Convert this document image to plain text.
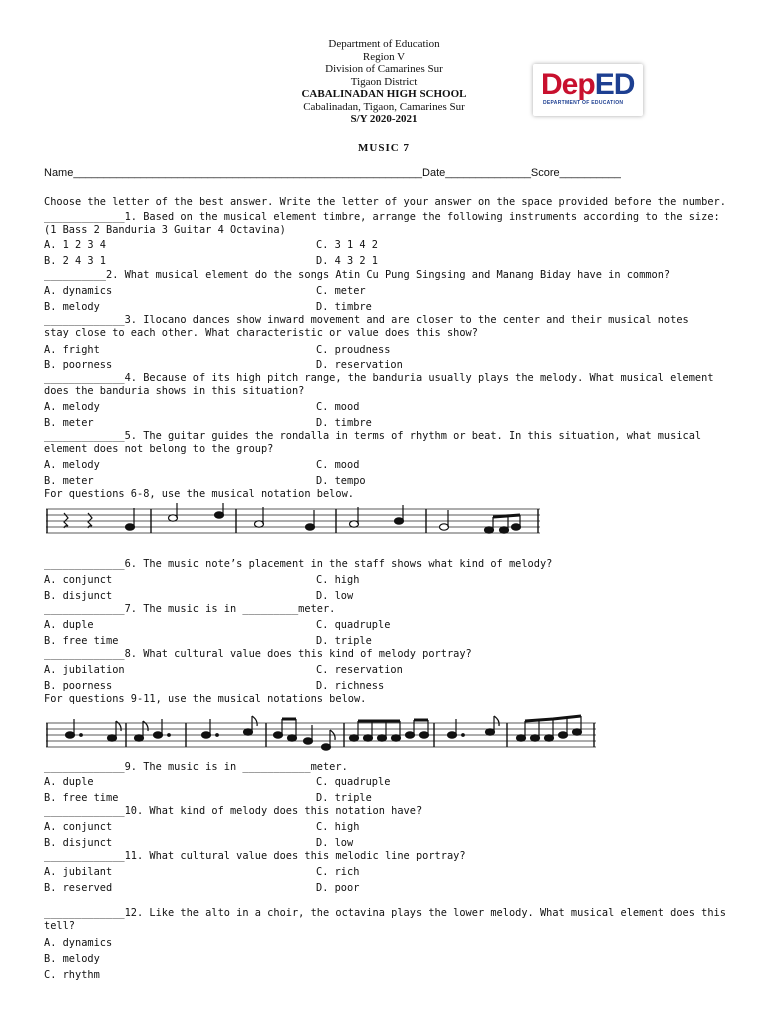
Department of Education
Region V
Division of Camarines Sur
Tigaon District
CABALINADAN HIGH SCHOOL
Cabalinadan, Tigaon, Camarines Sur
S/Y 2020-2021
DepED
DEPARTMENT OF EDUCATION
MUSIC 7
Name_________________________________________________________Date______________Score__________
Choose the letter of the best answer. Write the letter of your answer on the space provided before the number.
_____________1. Based on the musical element timbre, arrange the following instruments according to the size:
(1 Bass 2 Banduria 3 Guitar 4 Octavina)
A. 1 2 3 4	C. 3 1 4 2
B. 2 4 3 1	D. 4 3 2 1
__________2. What musical element do the songs Atin Cu Pung Singsing and Manang Biday have in common?
A. dynamics	C. meter
B. melody	D. timbre
_____________3. Ilocano dances show inward movement and are closer to the center and their musical notes
stay close to each other. What characteristic or value does this show?
A. fright	C. proudness
B. poorness	D. reservation
_____________4. Because of its high pitch range, the banduria usually plays the melody. What musical element
does the banduria shows in this situation?
A. melody	C. mood
B. meter	D. timbre
_____________5. The guitar guides the rondalla in terms of rhythm or beat. In this situation, what musical
element does not belong to the group?
A. melody	C. mood
B. meter	D. tempo
For questions 6-8, use the musical notation below.
_____________6. The music note’s placement in the staff shows what kind of melody?
A. conjunct	C. high
B. disjunct	D. low
_____________7. The music is in _________meter.
A. duple	C. quadruple
B. free time	D. triple
_____________8. What cultural value does this kind of melody portray?
A. jubilation	C. reservation
B. poorness	D. richness
For questions 9-11, use the musical notations below.
_____________9. The music is in ___________meter.
A. duple	C. quadruple
B. free time	D. triple
_____________10. What kind of melody does this notation have?
A. conjunct	C. high
B. disjunct	D. low
_____________11. What cultural value does this melodic line portray?
A. jubilant	C. rich
B. reserved	D. poor
_____________12. Like the alto in a choir, the octavina plays the lower melody. What musical element does this
tell?
A. dynamics
B. melody
C. rhythm
